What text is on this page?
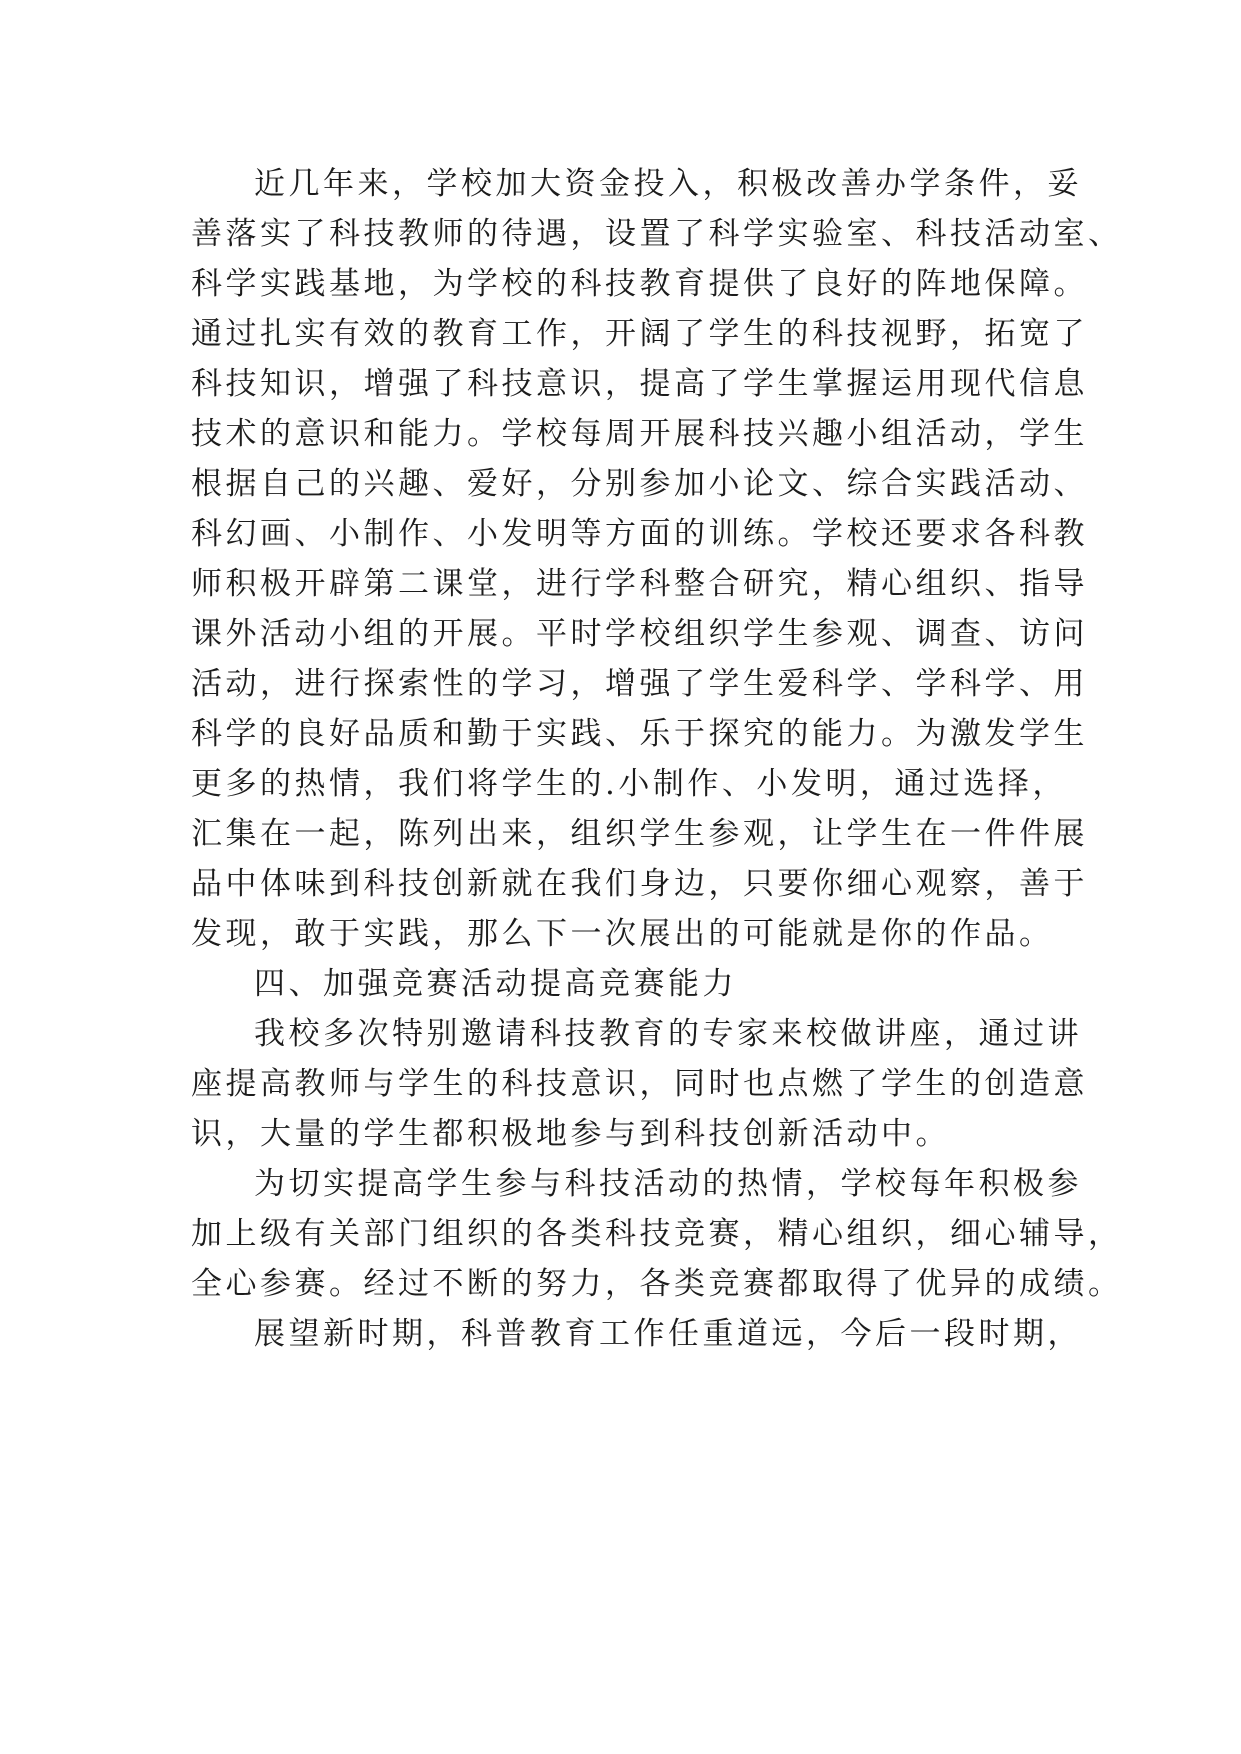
近几年来，学校加大资金投入，积极改善办学条件，妥

善落实了科技教师的待遇，设置了科学实验室、科技活动室、

科学实践基地，为学校的科技教育提供了良好的阵地保障。

通过扎实有效的教育工作，开阔了学生的科技视野，拓宽了

科技知识，增强了科技意识，提高了学生掌握运用现代信息

技术的意识和能力。学校每周开展科技兴趣小组活动，学生

根据自己的兴趣、爱好，分别参加小论文、综合实践活动、

科幻画、小制作、小发明等方面的训练。学校还要求各科教

师积极开辟第二课堂，进行学科整合研究，精心组织、指导

课外活动小组的开展。平时学校组织学生参观、调查、访问

活动，进行探索性的学习，增强了学生爱科学、学科学、用

科学的良好品质和勤于实践、乐于探究的能力。为激发学生

更多的热情，我们将学生的.小制作、小发明，通过选择，

汇集在一起，陈列出来，组织学生参观，让学生在一件件展

品中体味到科技创新就在我们身边，只要你细心观察，善于

发现，敢于实践，那么下一次展出的可能就是你的作品。

四、加强竞赛活动提高竞赛能力

我校多次特别邀请科技教育的专家来校做讲座，通过讲

座提高教师与学生的科技意识，同时也点燃了学生的创造意

识，大量的学生都积极地参与到科技创新活动中。

为切实提高学生参与科技活动的热情，学校每年积极参

加上级有关部门组织的各类科技竞赛，精心组织，细心辅导，

全心参赛。经过不断的努力，各类竞赛都取得了优异的成绩。

展望新时期，科普教育工作任重道远，今后一段时期，
